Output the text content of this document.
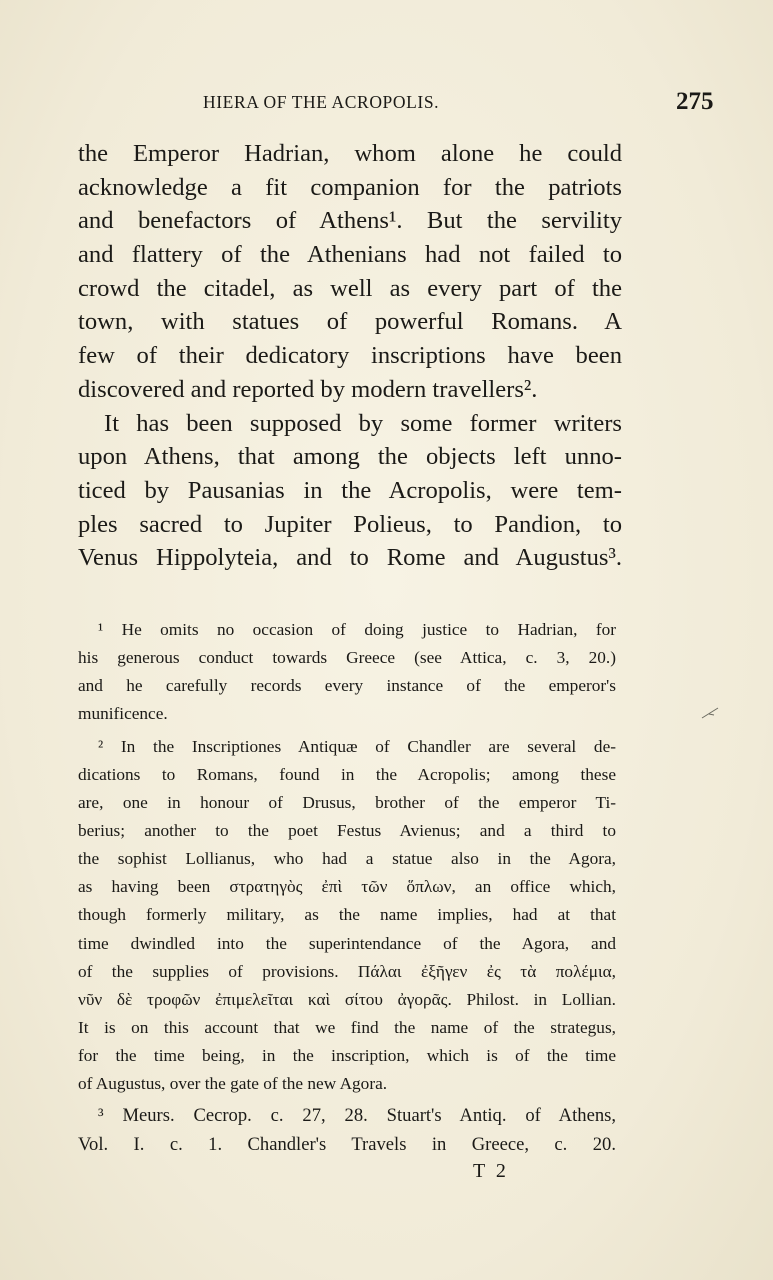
HIERA OF THE ACROPOLIS.	275
the Emperor Hadrian, whom alone he could
acknowledge a fit companion for the patriots
and benefactors of Athens¹. But the servility
and flattery of the Athenians had not failed to
crowd the citadel, as well as every part of the
town, with statues of powerful Romans. A
few of their dedicatory inscriptions have been
discovered and reported by modern travellers².
It has been supposed by some former writers
upon Athens, that among the objects left unno-
ticed by Pausanias in the Acropolis, were tem-
ples sacred to Jupiter Polieus, to Pandion, to
Venus Hippolyteia, and to Rome and Augustus³.
¹ He omits no occasion of doing justice to Hadrian, for
his generous conduct towards Greece (see Attica, c. 3, 20.)
and he carefully records every instance of the emperor's
munificence.
² In the Inscriptiones Antiquæ of Chandler are several de-
dications to Romans, found in the Acropolis; among these
are, one in honour of Drusus, brother of the emperor Ti-
berius; another to the poet Festus Avienus; and a third to
the sophist Lollianus, who had a statue also in the Agora,
as having been στρατηγὸς ἐπὶ τῶν ὅπλων, an office which,
though formerly military, as the name implies, had at that
time dwindled into the superintendance of the Agora, and
of the supplies of provisions. Πάλαι ἐξῆγεν ἐς τὰ πολέμια,
νῦν δὲ τροφῶν ἐπιμελεῖται καὶ σίτου ἀγορᾶς. Philost. in Lollian.
It is on this account that we find the name of the strategus,
for the time being, in the inscription, which is of the time
of Augustus, over the gate of the new Agora.
³ Meurs. Cecrop. c. 27, 28. Stuart's Antiq. of Athens,
Vol. I. c. 1. Chandler's Travels in Greece, c. 20.
T 2
